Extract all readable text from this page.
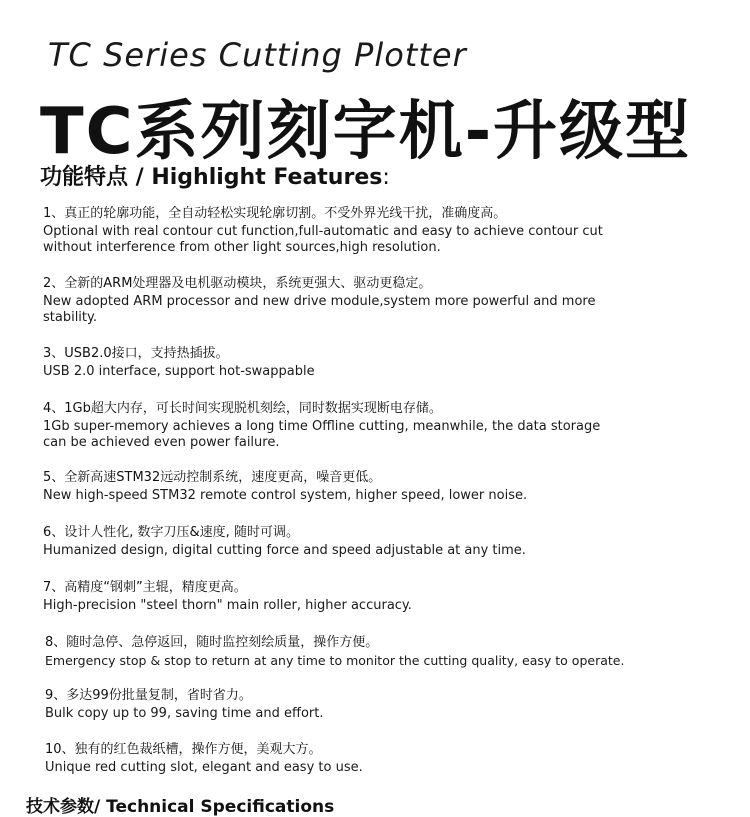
TC Series Cutting Plotter
TC系列刻字机-升级型
功能特点 / Highlight Features:
1、真正的轮廓功能，全自动轻松实现轮廓切割。不受外界光线干扰，准确度高。
Optional with real contour cut function,full-automatic and easy to achieve contour cut without interference from other light sources,high resolution.
2、全新的ARM处理器及电机驱动模块，系统更强大、驱动更稳定。
New adopted ARM processor and new drive module,system more powerful and more stability.
3、USB2.0接口，支持热插拔。
USB 2.0 interface, support hot-swappable
4、1Gb超大内存，可长时间实现脱机刻绘，同时数据实现断电存储。
1Gb super-memory achieves a long time Offline cutting, meanwhile, the data storage can be achieved even power failure.
5、全新高速STM32远动控制系统，速度更高，噪音更低。
New high-speed STM32 remote control system, higher speed, lower noise.
6、设计人性化, 数字刀压&速度, 随时可调。
Humanized design, digital cutting force and speed adjustable at any time.
7、高精度“钢刺”主辊，精度更高。
High-precision "steel thorn" main roller, higher accuracy.
8、随时急停、急停返回，随时监控刻绘质量，操作方便。
Emergency stop & stop to return at any time to monitor the cutting quality, easy to operate.
9、多达99份批量复制，省时省力。
Bulk copy up to 99, saving time and effort.
10、独有的红色裁纸槽，操作方便，美观大方。
Unique red cutting slot, elegant and easy to use.
技术参数/ Technical Specifications
